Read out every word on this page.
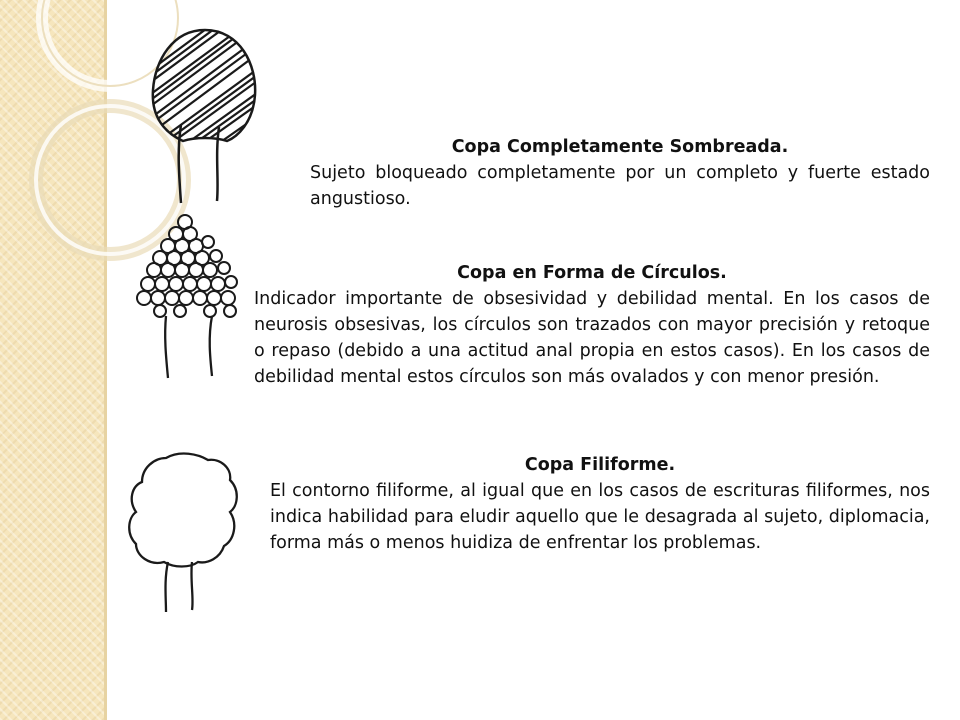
Copa Completamente Sombreada.
Sujeto bloqueado completamente por un completo y fuerte estado angustioso.
Copa en Forma de Círculos.
Indicador importante de obsesividad y debilidad mental. En los casos de neurosis obsesivas, los círculos son trazados con mayor precisión y retoque o repaso (debido a una actitud anal propia en estos casos). En los casos de debilidad mental estos círculos son más ovalados y con menor presión.
Copa Filiforme.
El contorno filiforme, al igual que en los casos de escrituras filiformes, nos indica habilidad para eludir aquello que le desagrada al sujeto, diplomacia, forma más o menos huidiza de enfrentar los problemas.
